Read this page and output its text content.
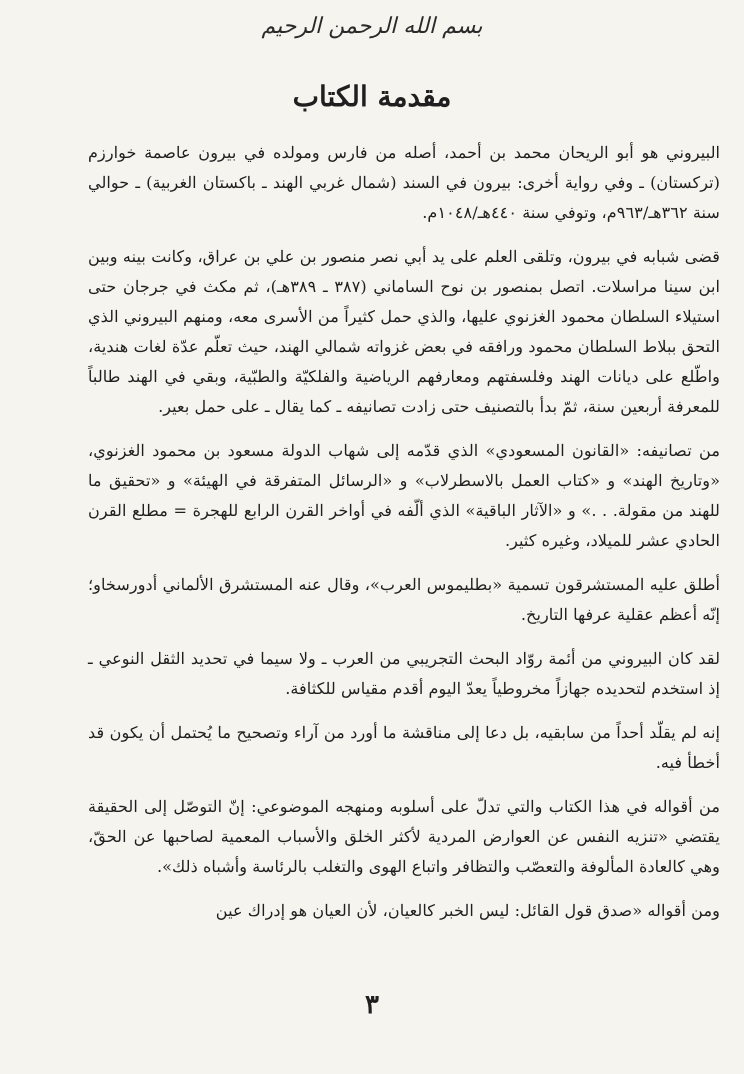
بسم الله الرحمن الرحيم
مقدمة الكتاب

البيروني هو أبو الريحان محمد بن أحمد، أصله من فارس ومولده في بيرون عاصمة خوارزم (تركستان) ـ وفي رواية أخرى: بيرون في السند (شمال غربي الهند ـ باكستان الغربية) ـ حوالي سنة ٣٦٢هـ/٩٦٣م، وتوفي سنة ٤٤٠هـ/١٠٤٨م.

قضى شبابه في بيرون، وتلقى العلم على يد أبي نصر منصور بن علي بن عراق، وكانت بينه وبين ابن سينا مراسلات. اتصل بمنصور بن نوح الساماني (٣٨٧ ـ ٣٨٩هـ)، ثم مكث في جرجان حتى استيلاء السلطان محمود الغزنوي عليها، والذي حمل كثيراً من الأسرى معه، ومنهم البيروني الذي التحق ببلاط السلطان محمود ورافقه في بعض غزواته شمالي الهند، حيث تعلّم عدّة لغات هندية، واطّلع على ديانات الهند وفلسفتهم ومعارفهم الرياضية والفلكيّة والطبّية، وبقي في الهند طالباً للمعرفة أربعين سنة، ثمّ بدأ بالتصنيف حتى زادت تصانيفه ـ كما يقال ـ على حمل بعير.

من تصانيفه: «القانون المسعودي» الذي قدّمه إلى شهاب الدولة مسعود بن محمود الغزنوي، «وتاريخ الهند» و «كتاب العمل بالاسطرلاب» و «الرسائل المتفرقة في الهيئة» و «تحقيق ما للهند من مقولة. . .» و «الآثار الباقية» الذي ألّفه في أواخر القرن الرابع للهجرة = مطلع القرن الحادي عشر للميلاد، وغيره كثير.

أطلق عليه المستشرقون تسمية «بطليموس العرب»، وقال عنه المستشرق الألماني أدورسخاو؛ إنّه أعظم عقلية عرفها التاريخ.

لقد كان البيروني من أئمة روّاد البحث التجريبي من العرب ـ ولا سيما في تحديد الثقل النوعي ـ إذ استخدم لتحديده جهازاً مخروطياً يعدّ اليوم أقدم مقياس للكثافة.

إنه لم يقلّد أحداً من سابقيه، بل دعا إلى مناقشة ما أورد من آراء وتصحيح ما يُحتمل أن يكون قد أخطأ فيه.

من أقواله في هذا الكتاب والتي تدلّ على أسلوبه ومنهجه الموضوعي: إنّ التوصّل إلى الحقيقة يقتضي «تنزيه النفس عن العوارض المردية لأكثر الخلق والأسباب المعمية لصاحبها عن الحقّ، وهي كالعادة المألوفة والتعصّب والتظافر واتباع الهوى والتغلب بالرئاسة وأشباه ذلك».

ومن أقواله «صدق قول القائل: ليس الخبر كالعيان، لأن العيان هو إدراك عين

٣
